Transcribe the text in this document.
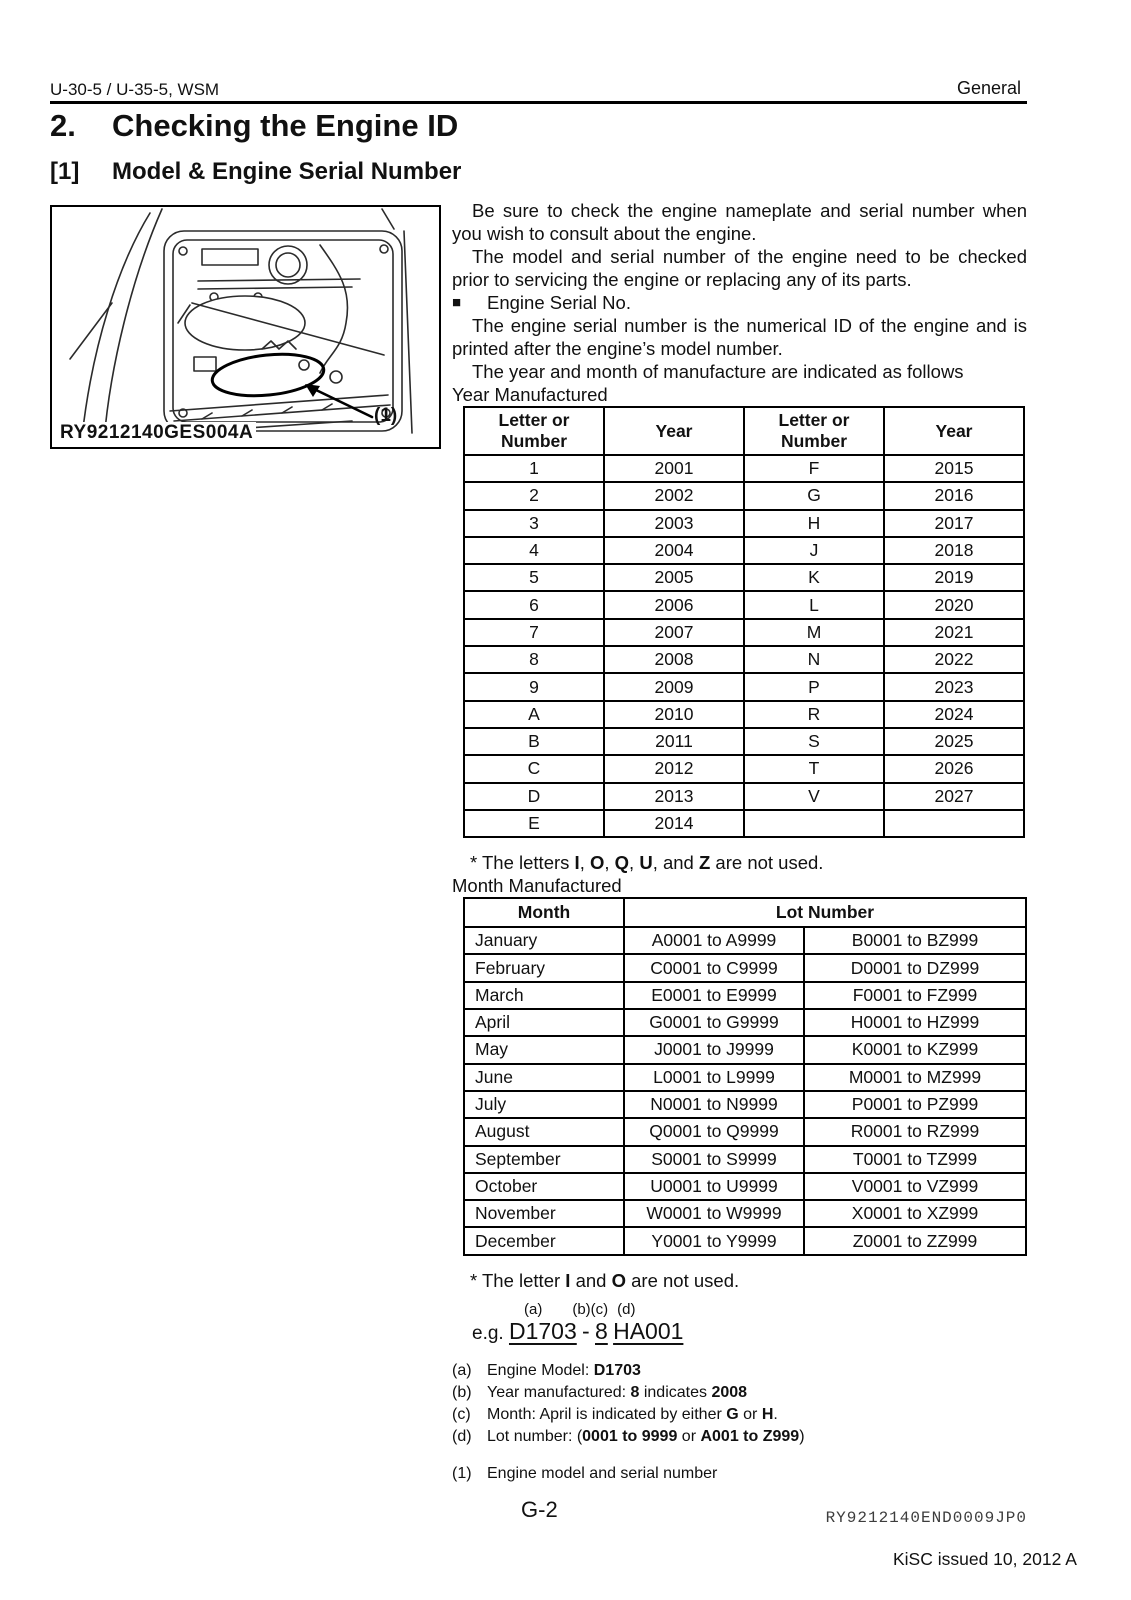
U-30-5 / U-35-5, WSM	General
2.	Checking the Engine ID
[1]	Model & Engine Serial Number
(1)
RY9212140GES004A

Be sure to check the engine nameplate and serial number when you wish to consult about the engine.

The model and serial number of the engine need to be checked prior to servicing the engine or replacing any of its parts.

■	Engine Serial No.

The engine serial number is the numerical ID of the engine and is printed after the engine’s model number.

The year and month of manufacture are indicated as follows

Year Manufactured
Letter or Number	Year	Letter or Number	Year
1	2001	F	2015
2	2002	G	2016
3	2003	H	2017
4	2004	J	2018
5	2005	K	2019
6	2006	L	2020
7	2007	M	2021
8	2008	N	2022
9	2009	P	2023
A	2010	R	2024
B	2011	S	2025
C	2012	T	2026
D	2013	V	2027
E	2014		
* The letters I, O, Q, U, and Z are not used.
Month Manufactured
Month	Lot Number	
January	A0001 to A9999	B0001 to BZ999
February	C0001 to C9999	D0001 to DZ999
March	E0001 to E9999	F0001 to FZ999
April	G0001 to G9999	H0001 to HZ999
May	J0001 to J9999	K0001 to KZ999
June	L0001 to L9999	M0001 to MZ999
July	N0001 to N9999	P0001 to PZ999
August	Q0001 to Q9999	R0001 to RZ999
September	S0001 to S9999	T0001 to TZ999
October	U0001 to U9999	V0001 to VZ999
November	W0001 to W9999	X0001 to XZ999
December	Y0001 to Y9999	Z0001 to ZZ999
* The letter I and O are not used.
(a) (b)(c) (d)
e.g. D1703 - 8 HA001
(a) Engine Model: D1703
(b) Year manufactured: 8 indicates 2008
(c)	Month: April is indicated by either G or H.
(d) Lot number: (0001 to 9999 or A001 to Z999)
(1) Engine model and serial number
RY9212140END0009JP0
G-2
KiSC issued 10, 2012 A
